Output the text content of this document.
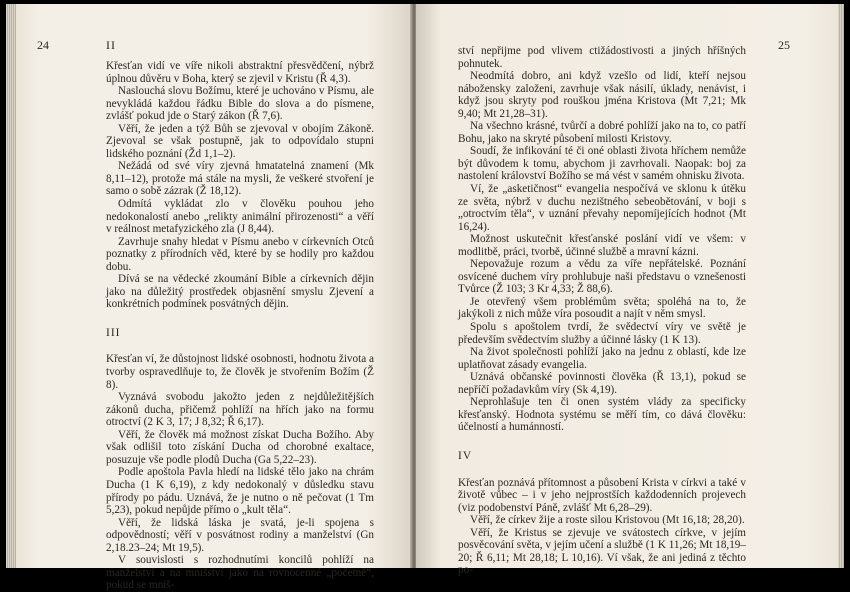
24	II

Křesťan vidí ve víře nikoli abstraktní přesvědčení, nýbrž úplnou důvěru v Boha, který se zjevil v Kristu (Ř 4,3).

Naslouchá slovu Božímu, které je uchováno v Písmu, ale nevykládá každou řádku Bible do slova a do písmene, zvlášť pokud jde o Starý zákon (Ř 7,6).

Věří, že jeden a týž Bůh se zjevoval v obojím Zákoně. Zjevoval se však postupně, jak to odpovídalo stupni lidského poznání (Žd 1,1–2).

Nežádá od své víry zjevná hmatatelná znamení (Mk 8,11–12), protože má stále na mysli, že veškeré stvoření je samo o sobě zázrak (Ž 18,12).

Odmítá vykládat zlo v člověku pouhou jeho nedokonalostí anebo „relikty animální přirozenosti“ a věří v reálnost metafyzického zla (J 8,44).

Zavrhuje snahy hledat v Písmu anebo v církevních Otců poznatky z přírodních věd, které by se hodily pro každou dobu.

Dívá se na vědecké zkoumání Bible a církevních dějin jako na důležitý prostředek objasnění smyslu Zjevení a konkrétních podmínek posvátných dějin.

III

Křesťan ví, že důstojnost lidské osobnosti, hodnotu života a tvorby ospravedlňuje to, že člověk je stvořením Božím (Ž 8).

Vyznává svobodu jakožto jeden z nejdůležitějších zákonů ducha, přičemž pohlíží na hřích jako na formu otroctví (2 K 3, 17; J 8,32; Ř 6,17).

Věří, že člověk má možnost získat Ducha Božího. Aby však odlišil toto získání Ducha od chorobné exaltace, posuzuje vše podle plodů Ducha (Ga 5,22–23).

Podle apoštola Pavla hledí na lidské tělo jako na chrám Ducha (1 K 6,19), z kdy nedokonalý v důsledku stavu přírody po pádu. Uznává, že je nutno o ně pečovat (1 Tm 5,23), pokud nepůjde přímo o „kult těla“.

Věří, že lidská láska je svatá, je-li spojena s odpovědností; věří v posvátnost rodiny a manželství (Gn 2,18.23–24; Mt 19,5).

V souvislosti s rozhodnutími koncilů pohlíží na manželství a na mnišství jako na rovnocenné „početně“, pokud se mniš-

25

ství nepřijme pod vlivem ctižádostivosti a jiných hříšných pohnutek.

Neodmítá dobro, ani když vzešlo od lidí, kteří nejsou nábožensky založeni, zavrhuje však násilí, úklady, nenávist, i když jsou skryty pod rouškou jména Kristova (Mt 7,21; Mk 9,40; Mt 21,28–31).

Na všechno krásné, tvůrčí a dobré pohlíží jako na to, co patří Bohu, jako na skryté působení milosti Kristovy.

Soudí, že infikování té či oné oblasti života hříchem nemůže být důvodem k tomu, abychom ji zavrhovali. Naopak: boj za nastolení království Božího se má vést v samém ohnisku života.

Ví, že „asketičnost“ evangelia nespočívá ve sklonu k útěku ze světa, nýbrž v duchu nezištného sebeobětování, v boji s „otroctvím těla“, v uznání převahy nepomíjejících hodnot (Mt 16,24).

Možnost uskutečnit křesťanské poslání vidí ve všem: v modlitbě, práci, tvorbě, účinné službě a mravní kázni.

Nepovažuje rozum a vědu za víře nepřátelské. Poznání osvícené duchem víry prohlubuje naši představu o vznešenosti Tvůrce (Ž 103; 3 Kr 4,33; Ž 88,6).

Je otevřený všem problémům světa; spoléhá na to, že jakýkoli z nich může víra posoudit a najít v něm smysl.

Spolu s apoštolem tvrdí, že svědectví víry ve světě je především svědectvím služby a účinné lásky (1 K 13).

Na život společnosti pohlíží jako na jednu z oblastí, kde lze uplatňovat zásady evangelia.

Uznává občanské povinnosti člověka (Ř 13,1), pokud se nepříčí požadavkům víry (Sk 4,19).

Neprohlašuje ten či onen systém vlády za specificky křesťanský. Hodnota systému se měří tím, co dává člověku: účelností a humánností.

IV

Křesťan poznává přítomnost a působení Krista v církvi a také v životě vůbec – i v jeho nejprostších každodenních projevech (viz podobenství Páně, zvlášť Mt 6,28–29).

Věří, že církev žije a roste silou Kristovou (Mt 16,18; 28,20).

Věří, že Kristus se zjevuje ve svátostech církve, v jejím posvěcování světa, v jejím učení a službě (1 K 11,26; Mt 18,19–20; Ř 6,11; Mt 28,18; L 10,16). Ví však, že ani jediná z těchto po-
